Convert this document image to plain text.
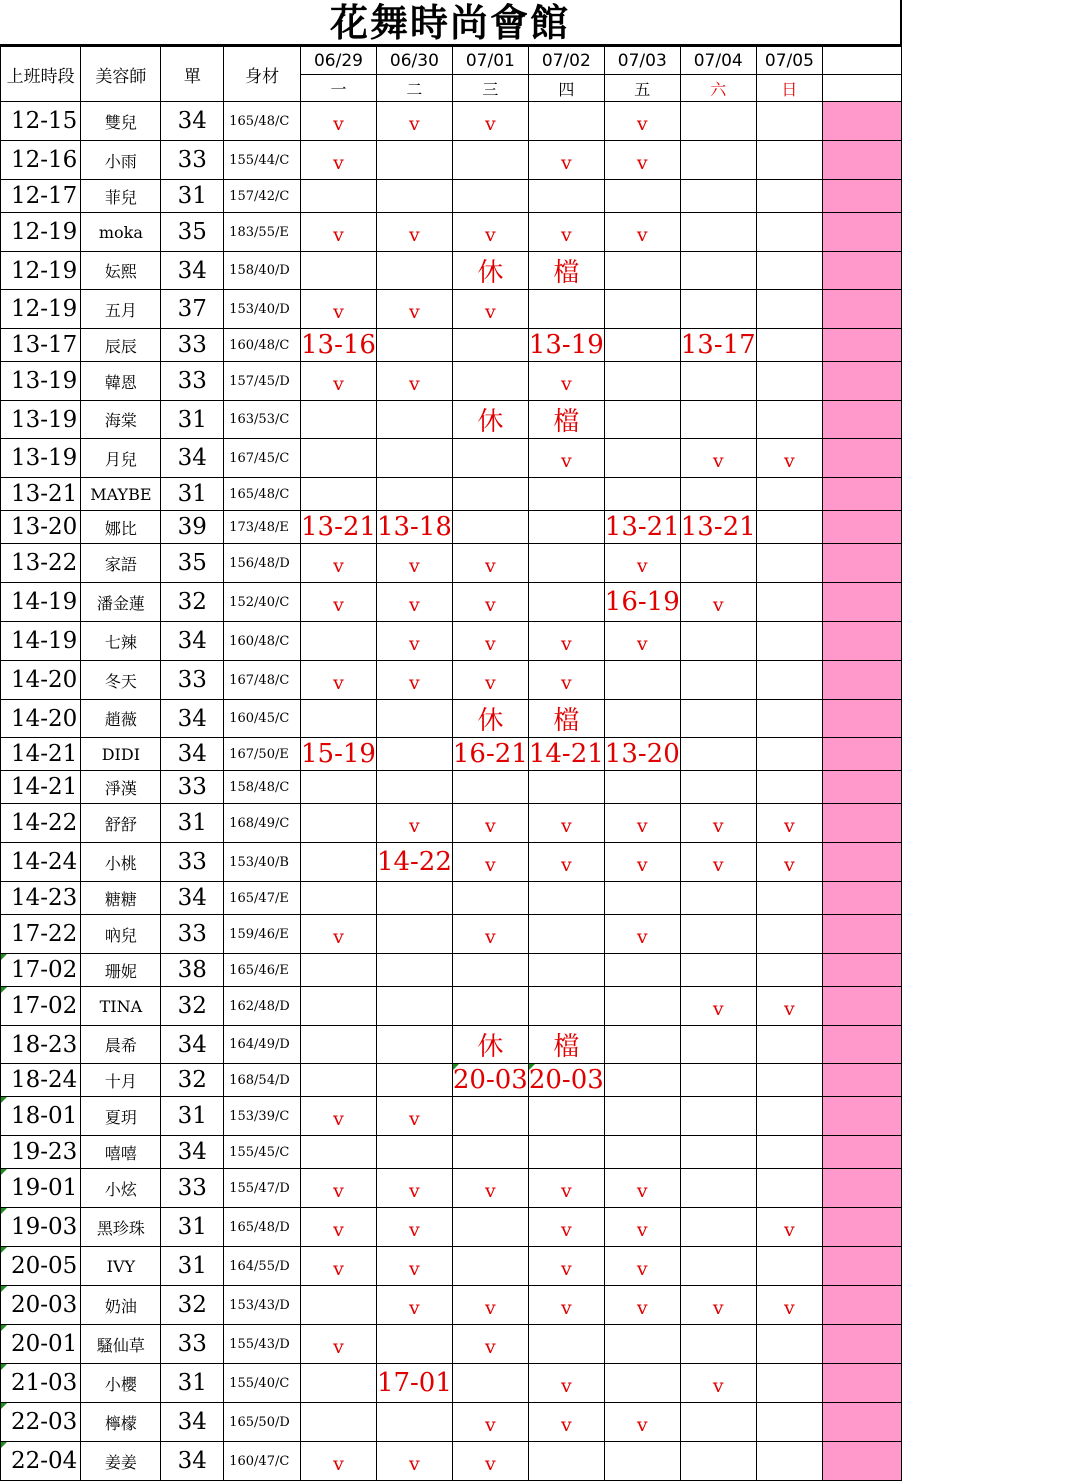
花舞時尚會館
上班時段	美容師	單	身材	06/29	06/30	07/01	07/02	07/03	07/04	07/05	
				一	二	三	四	五	六	日	
12-15	雙兒	34	165/48/C	v	v	v		v			
12-16	小雨	33	155/44/C	v			v	v			
12-17	菲兒	31	157/42/C								
12-19	moka	35	183/55/E	v	v	v	v	v			
12-19	妘熙	34	158/40/D			休	檔				
12-19	五月	37	153/40/D	v	v	v					
13-17	辰辰	33	160/48/C	13-16			13-19		13-17		
13-19	韓恩	33	157/45/D	v	v		v				
13-19	海棠	31	163/53/C			休	檔				
13-19	月兒	34	167/45/C				v		v	v	
13-21	MAYBE	31	165/48/C								
13-20	娜比	39	173/48/E	13-21	13-18			13-21	13-21		
13-22	家語	35	156/48/D	v	v	v		v			
14-19	潘金蓮	32	152/40/C	v	v	v		16-19	v		
14-19	七辣	34	160/48/C		v	v	v	v			
14-20	冬天	33	167/48/C	v	v	v	v				
14-20	趙薇	34	160/45/C			休	檔				
14-21	DIDI	34	167/50/E	15-19		16-21	14-21	13-20			
14-21	淨漢	33	158/48/C								
14-22	舒舒	31	168/49/C		v	v	v	v	v	v	
14-24	小桃	33	153/40/B		14-22	v	v	v	v	v	
14-23	糖糖	34	165/47/E								
17-22	吶兒	33	159/46/E	v		v		v			
17-02	珊妮	38	165/46/E								
17-02	TINA	32	162/48/D						v	v	
18-23	晨希	34	164/49/D			休	檔				
18-24	十月	32	168/54/D			20-03	20-03				
18-01	夏玥	31	153/39/C	v	v						
19-23	嘻嘻	34	155/45/C								
19-01	小炫	33	155/47/D	v	v	v	v	v			
19-03	黑珍珠	31	165/48/D	v	v		v	v		v	
20-05	IVY	31	164/55/D	v	v		v	v			
20-03	奶油	32	153/43/D		v	v	v	v	v	v	
20-01	騷仙草	33	155/43/D	v		v					
21-03	小櫻	31	155/40/C		17-01		v		v		
22-03	檸檬	34	165/50/D			v	v	v			
22-04	姜姜	34	160/47/C	v	v	v					
